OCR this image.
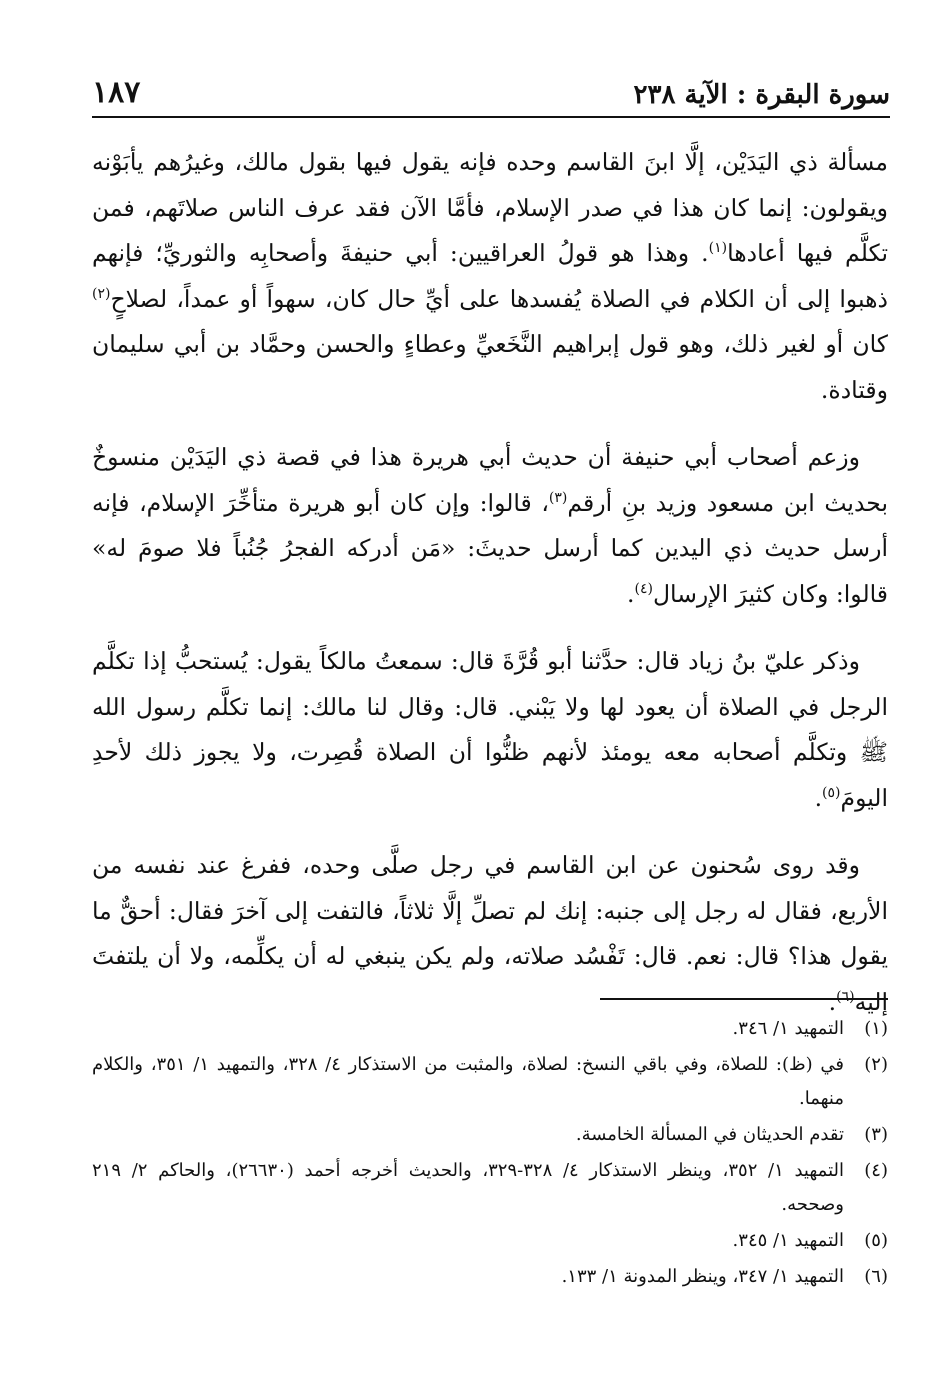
١٨٧	سورة البقرة : الآية ٢٣٨

مسألة ذي اليَدَيْن، إلَّا ابنَ القاسم وحده فإنه يقول فيها بقول مالك، وغيرُهم يأبَوْنه ويقولون: إنما كان هذا في صدر الإسلام، فأمَّا الآن فقد عرف الناس صلاتَهم، فمن تكلَّم فيها أعادها$^{(١)}$. وهذا هو قولُ العراقيين: أبي حنيفةَ وأصحابِه والثوريِّ؛ فإنهم ذهبوا إلى أن الكلام في الصلاة يُفسدها على أيِّ حال كان، سهواً أو عمداً، لصلاحٍ$^{(٢)}$ كان أو لغير ذلك، وهو قول إبراهيم النَّخَعيِّ وعطاءٍ والحسن وحمَّاد بن أبي سليمان وقتادة.

وزعم أصحاب أبي حنيفة أن حديث أبي هريرة هذا في قصة ذي اليَدَيْن منسوخٌ بحديث ابن مسعود وزيد بنِ أرقم$^{(٣)}$، قالوا: وإن كان أبو هريرة متأخِّرَ الإسلام، فإنه أرسل حديث ذي اليدين كما أرسل حديثَ: «مَن أدركه الفجرُ جُنُباً فلا صومَ له» قالوا: وكان كثيرَ الإرسال$^{(٤)}$.

وذكر عليّ بنُ زياد قال: حدَّثنا أبو قُرَّةَ قال: سمعتُ مالكاً يقول: يُستحبُّ إذا تكلَّم الرجل في الصلاة أن يعود لها ولا يَبْني. قال: وقال لنا مالك: إنما تكلَّم رسول الله ﷺ وتكلَّم أصحابه معه يومئذ لأنهم ظنُّوا أن الصلاة قُصِرت، ولا يجوز ذلك لأحدِ اليومَ$^{(٥)}$.

وقد روى سُحنون عن ابن القاسم في رجل صلَّى وحده، ففرغ عند نفسه من الأربع، فقال له رجل إلى جنبه: إنك لم تصلِّ إلَّا ثلاثاً، فالتفت إلى آخرَ فقال: أحقٌّ ما يقول هذا؟ قال: نعم. قال: تَفْسُد صلاته، ولم يكن ينبغي له أن يكلِّمه، ولا أن يلتفتَ إليه$^{(٦)}$.

(١)
التمهيد ١/ ٣٤٦.
(٢)
في (ظ): للصلاة، وفي باقي النسخ: لصلاة، والمثبت من الاستذكار ٤/ ٣٢٨، والتمهيد ١/ ٣٥١، والكلام منهما.
(٣)
تقدم الحديثان في المسألة الخامسة.
(٤)
التمهيد ١/ ٣٥٢، وينظر الاستذكار ٤/ ٣٢٨-٣٢٩، والحديث أخرجه أحمد (٢٦٦٣٠)، والحاكم ٢/ ٢١٩ وصححه.
(٥)
التمهيد ١/ ٣٤٥.
(٦)
التمهيد ١/ ٣٤٧، وينظر المدونة ١/ ١٣٣.
